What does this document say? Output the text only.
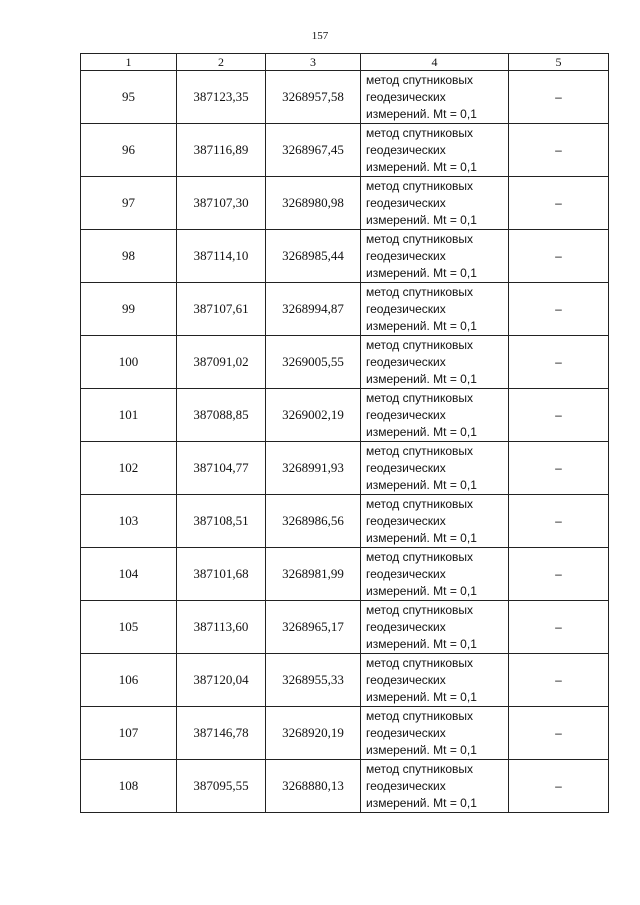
157
1	2	3	4	5
95	387123,35	3268957,58	метод спутниковых
геодезических
измерений. Mt = 0,1	–
96	387116,89	3268967,45	метод спутниковых
геодезических
измерений. Mt = 0,1	–
97	387107,30	3268980,98	метод спутниковых
геодезических
измерений. Mt = 0,1	–
98	387114,10	3268985,44	метод спутниковых
геодезических
измерений. Mt = 0,1	–
99	387107,61	3268994,87	метод спутниковых
геодезических
измерений. Mt = 0,1	–
100	387091,02	3269005,55	метод спутниковых
геодезических
измерений. Mt = 0,1	–
101	387088,85	3269002,19	метод спутниковых
геодезических
измерений. Mt = 0,1	–
102	387104,77	3268991,93	метод спутниковых
геодезических
измерений. Mt = 0,1	–
103	387108,51	3268986,56	метод спутниковых
геодезических
измерений. Mt = 0,1	–
104	387101,68	3268981,99	метод спутниковых
геодезических
измерений. Mt = 0,1	–
105	387113,60	3268965,17	метод спутниковых
геодезических
измерений. Mt = 0,1	–
106	387120,04	3268955,33	метод спутниковых
геодезических
измерений. Mt = 0,1	–
107	387146,78	3268920,19	метод спутниковых
геодезических
измерений. Mt = 0,1	–
108	387095,55	3268880,13	метод спутниковых
геодезических
измерений. Mt = 0,1	–
